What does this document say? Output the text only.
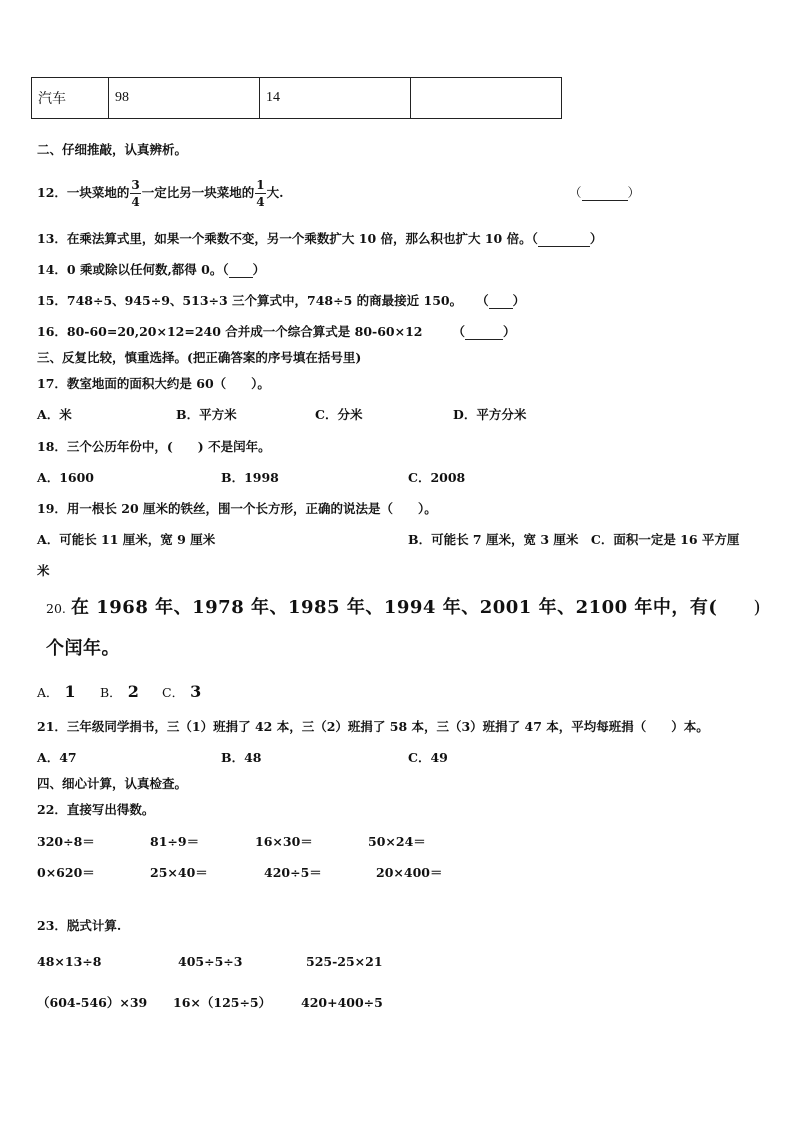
汽车	98	14	
二、仔细推敲，认真辨析。
12．一块菜地的 $\frac{3}{4}$ 一定比另一块菜地的 $\frac{1}{4}$ 大.	（	）
13．在乘法算式里，如果一个乘数不变，另一个乘数扩大 10 倍，那么积也扩大 10 倍。（	）
14．0 乘或除以任何数,都得 0。（ ）
15．748÷5、945÷9、513÷3 三个算式中，748÷5 的商最接近 150。 （ ）
16．80-60=20,20×12=240 合并成一个综合算式是 80-60×12 （	）
三、反复比较，慎重选择。(把正确答案的序号填在括号里)
17．教室地面的面积大约是 60（　　）。
A．米	B．平方米	C．分米	D．平方分米
18．三个公历年份中，(　　) 不是闰年。
A．1600	B．1998	C．2008
19．用一根长 20 厘米的铁丝，围一个长方形，正确的说法是（　　）。
A．可能长 11 厘米，宽 9 厘米	B．可能长 7 厘米，宽 3 厘米　C．面积一定是 16 平方厘
米
20. 在 1968 年、1978 年、1985 年、1994 年、2001 年、2100 年中，有( )
个闰年。
A． 1 B． 2 C． 3
21．三年级同学捐书，三（1）班捐了 42 本，三（2）班捐了 58 本，三（3）班捐了 47 本，平均每班捐（　　）本。
A．47	B．48	C．49
四、细心计算，认真检查。
22．直接写出得数。
320÷8＝	81÷9＝	16×30＝	50×24＝
0×620＝	25×40＝	420÷5＝	20×400＝
23．脱式计算.
48×13÷8	405÷5÷3	525-25×21
（604-546）×39 16×（125÷5） 420+400÷5
